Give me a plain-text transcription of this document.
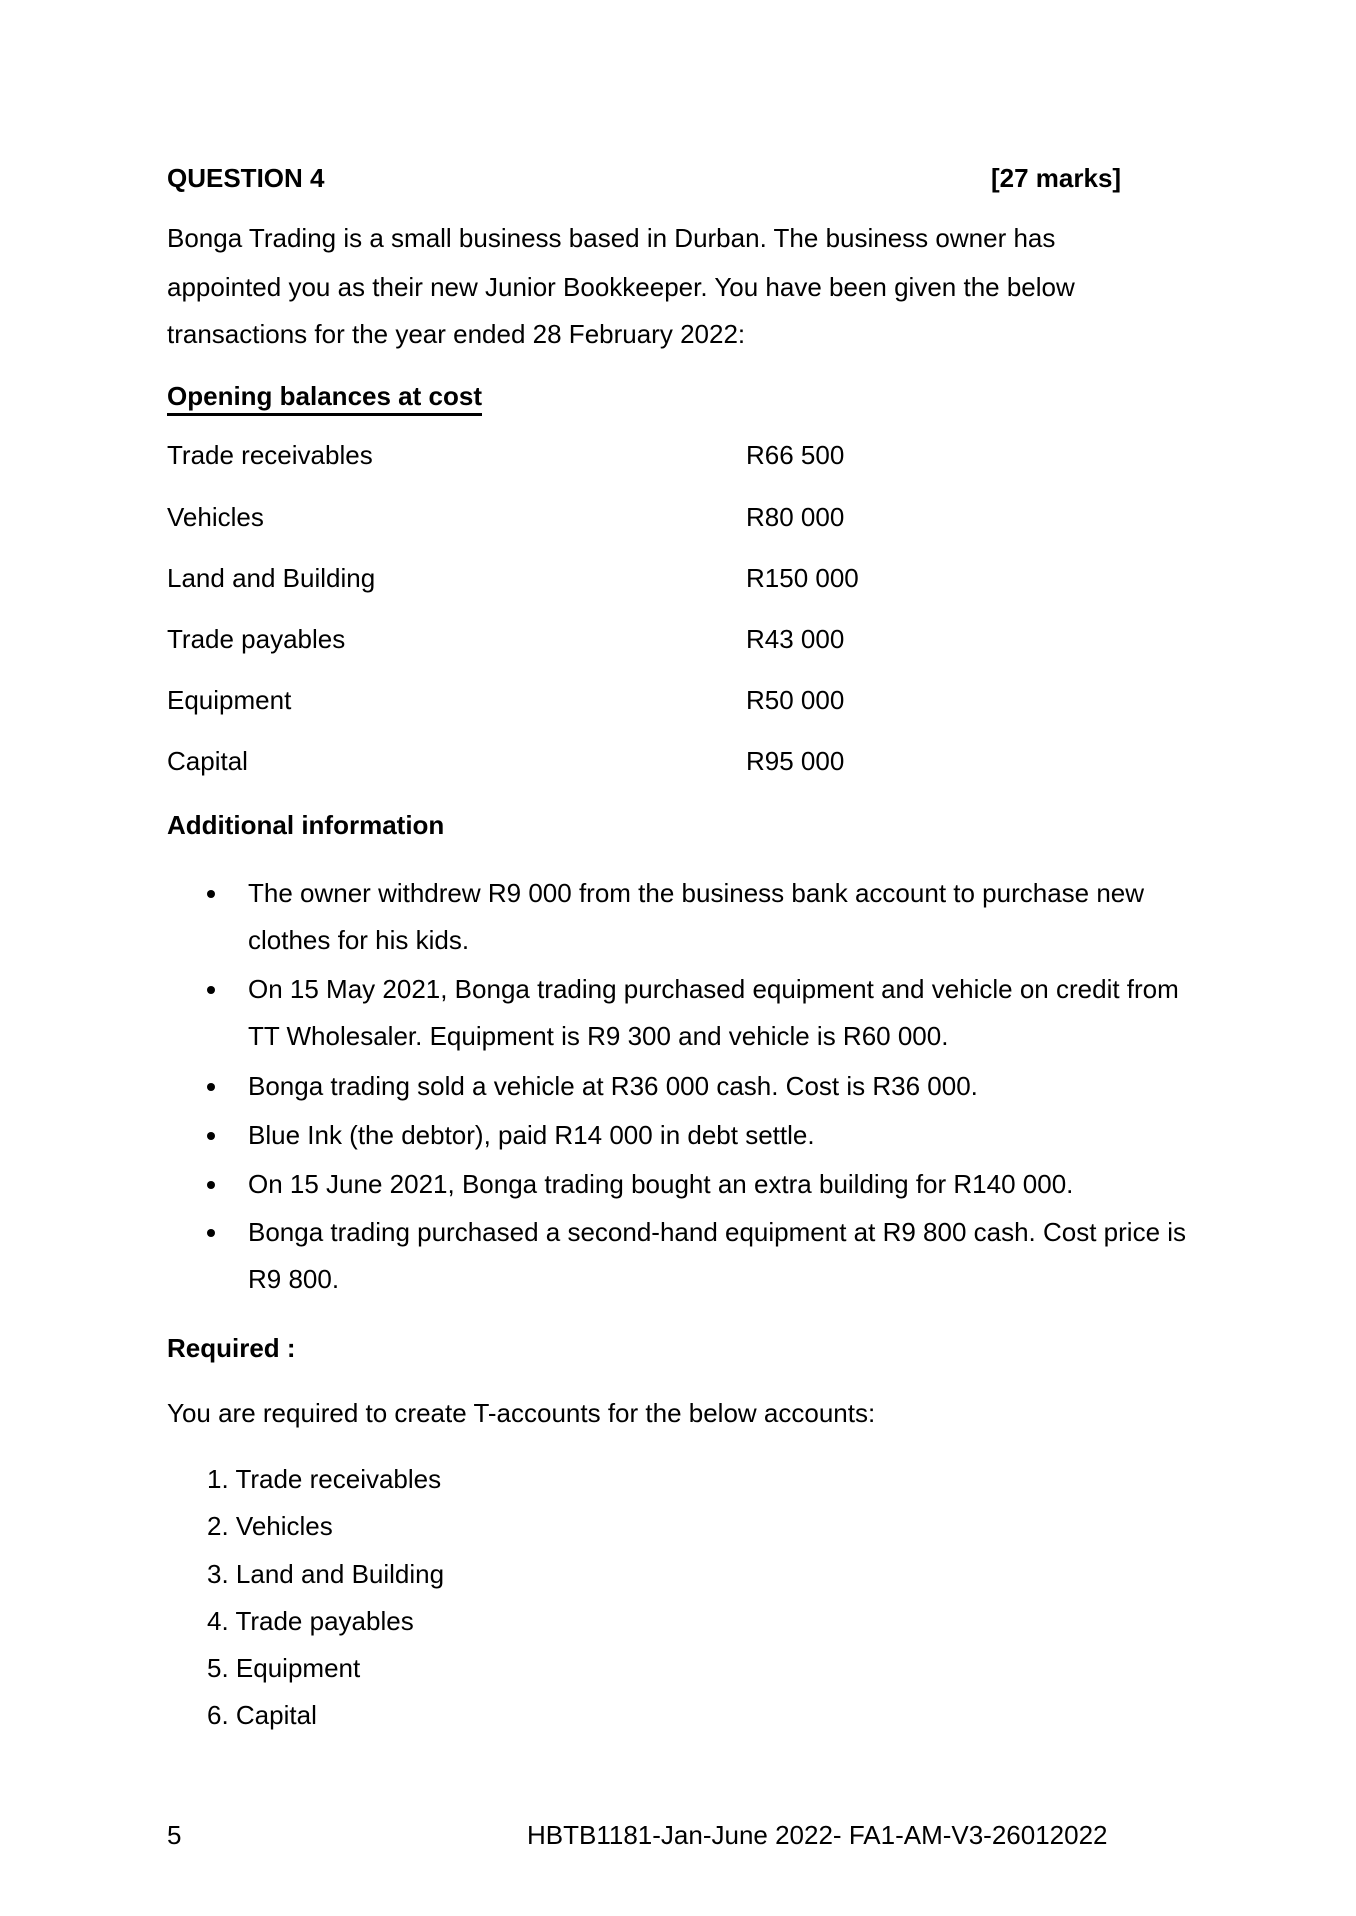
QUESTION 4	[27 marks]
Bonga Trading is a small business based in Durban. The business owner has
appointed you as their new Junior Bookkeeper. You have been given the below
transactions for the year ended 28 February 2022:
Opening balances at cost
Trade receivables	R66 500
Vehicles	R80 000
Land and Building	R150 000
Trade payables	R43 000
Equipment	R50 000
Capital	R95 000
Additional information
The owner withdrew R9 000 from the business bank account to purchase new clothes for his kids.
On 15 May 2021, Bonga trading purchased equipment and vehicle on credit from TT Wholesaler. Equipment is R9 300 and vehicle is R60 000.
Bonga trading sold a vehicle at R36 000 cash. Cost is R36 000.
Blue Ink (the debtor), paid R14 000 in debt settle.
On 15 June 2021, Bonga trading bought an extra building for R140 000.
Bonga trading purchased a second-hand equipment at R9 800 cash. Cost price is R9 800.
Required :
You are required to create T-accounts for the below accounts:
1. Trade receivables
2. Vehicles
3. Land and Building
4. Trade payables
5. Equipment
6. Capital
5	HBTB1181-Jan-June 2022- FA1-AM-V3-26012022
